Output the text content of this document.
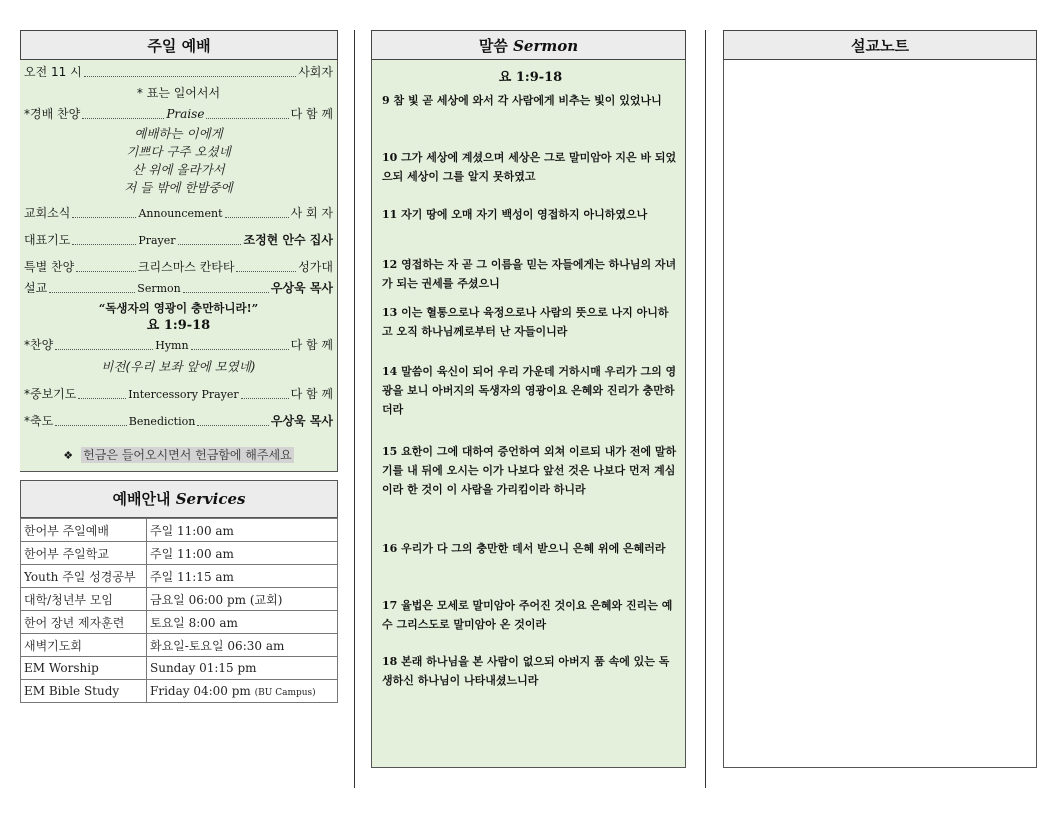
주일 예배
오전 11 시	사회자
* 표는 일어서서
*경배 찬양	Praise	다 함 께
예배하는 이에게
기쁘다 구주 오셨네
산 위에 올라가서
저 들 밖에 한밤중에
교회소식	Announcement	사 회 자
대표기도	Prayer	조정현 안수 집사
특별 찬양	크리스마스 칸타타	성가대
설교	Sermon	우상욱 목사
“독생자의 영광이 충만하니라!”
요 1:9-18
*찬양	Hymn	다 함 께
비전(우리 보좌 앞에 모였네)
*중보기도	Intercessory Prayer	다 함 께
*축도	Benediction	우상욱 목사
❖ 헌금은 들어오시면서 헌금함에 해주세요
예배안내 Services
한어부 주일예배	주일 11:00 am
한어부 주일학교	주일 11:00 am
Youth 주일 성경공부	주일 11:15 am
대학/청년부 모임	금요일 06:00 pm (교회)
한어 장년 제자훈련	토요일 8:00 am
새벽기도회	화요일-토요일 06:30 am
EM Worship	Sunday 01:15 pm
EM Bible Study	Friday 04:00 pm (BU Campus)
말씀 Sermon
요 1:9-18

9 참 빛 곧 세상에 와서 각 사람에게 비추는 빛이 있었나니

10 그가 세상에 계셨으며 세상은 그로 말미암아 지은 바 되었으되 세상이 그를 알지 못하였고

11 자기 땅에 오매 자기 백성이 영접하지 아니하였으나

12 영접하는 자 곧 그 이름을 믿는 자들에게는 하나님의 자녀가 되는 권세를 주셨으니

13 이는 혈통으로나 육정으로나 사람의 뜻으로 나지 아니하고 오직 하나님께로부터 난 자들이니라

14 말씀이 육신이 되어 우리 가운데 거하시매 우리가 그의 영광을 보니 아버지의 독생자의 영광이요 은혜와 진리가 충만하더라

15 요한이 그에 대하여 증언하여 외쳐 이르되 내가 전에 말하기를 내 뒤에 오시는 이가 나보다 앞선 것은 나보다 먼저 계심이라 한 것이 이 사람을 가리킴이라 하니라

16 우리가 다 그의 충만한 데서 받으니 은혜 위에 은혜러라

17 율법은 모세로 말미암아 주어진 것이요 은혜와 진리는 예수 그리스도로 말미암아 온 것이라

18 본래 하나님을 본 사람이 없으되 아버지 품 속에 있는 독생하신 하나님이 나타내셨느니라

설교노트
